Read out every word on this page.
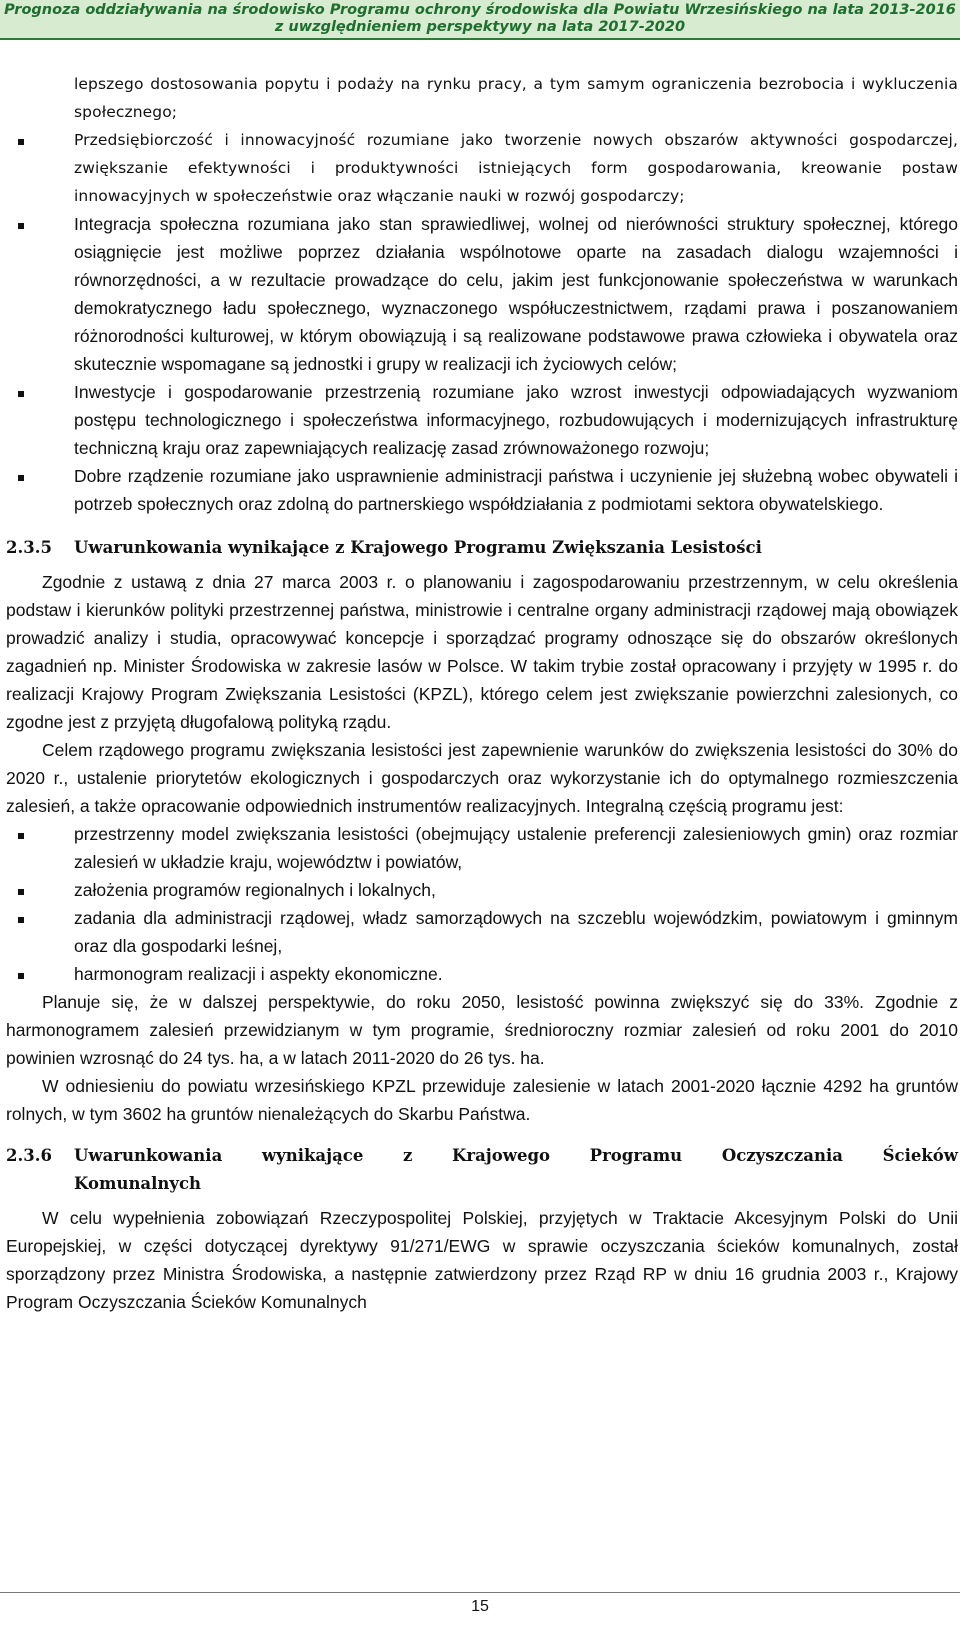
Prognoza oddziaływania na środowisko Programu ochrony środowiska dla Powiatu Wrzesińskiego na lata 2013-2016
z uwzględnieniem perspektywy na lata 2017-2020
lepszego dostosowania popytu i podaży na rynku pracy, a tym samym ograniczenia bezrobocia i wykluczenia społecznego;
Przedsiębiorczość i innowacyjność rozumiane jako tworzenie nowych obszarów aktywności gospodarczej, zwiększanie efektywności i produktywności istniejących form gospodarowania, kreowanie postaw innowacyjnych w społeczeństwie oraz włączanie nauki w rozwój gospodarczy;
Integracja społeczna rozumiana jako stan sprawiedliwej, wolnej od nierówności struktury społecznej, którego osiągnięcie jest możliwe poprzez działania wspólnotowe oparte na zasadach dialogu wzajemności i równorzędności, a w rezultacie prowadzące do celu, jakim jest funkcjonowanie społeczeństwa w warunkach demokratycznego ładu społecznego, wyznaczonego współuczestnictwem, rządami prawa i poszanowaniem różnorodności kulturowej, w którym obowiązują i są realizowane podstawowe prawa człowieka i obywatela oraz skutecznie wspomagane są jednostki i grupy w realizacji ich życiowych celów;
Inwestycje i gospodarowanie przestrzenią rozumiane jako wzrost inwestycji odpowiadających wyzwaniom postępu technologicznego i społeczeństwa informacyjnego, rozbudowujących i modernizujących infrastrukturę techniczną kraju oraz zapewniających realizację zasad zrównoważonego rozwoju;
Dobre rządzenie rozumiane jako usprawnienie administracji państwa i uczynienie jej służebną wobec obywateli i potrzeb społecznych oraz zdolną do partnerskiego współdziałania z podmiotami sektora obywatelskiego.
2.3.5 Uwarunkowania wynikające z Krajowego Programu Zwiększania Lesistości

Zgodnie z ustawą z dnia 27 marca 2003 r. o planowaniu i zagospodarowaniu przestrzennym, w celu określenia podstaw i kierunków polityki przestrzennej państwa, ministrowie i centralne organy administracji rządowej mają obowiązek prowadzić analizy i studia, opracowywać koncepcje i sporządzać programy odnoszące się do obszarów określonych zagadnień np. Minister Środowiska w zakresie lasów w Polsce. W takim trybie został opracowany i przyjęty w 1995 r. do realizacji Krajowy Program Zwiększania Lesistości (KPZL), którego celem jest zwiększanie powierzchni zalesionych, co zgodne jest z przyjętą długofalową polityką rządu.

Celem rządowego programu zwiększania lesistości jest zapewnienie warunków do zwiększenia lesistości do 30% do 2020 r., ustalenie priorytetów ekologicznych i gospodarczych oraz wykorzystanie ich do optymalnego rozmieszczenia zalesień, a także opracowanie odpowiednich instrumentów realizacyjnych. Integralną częścią programu jest:

przestrzenny model zwiększania lesistości (obejmujący ustalenie preferencji zalesieniowych gmin) oraz rozmiar zalesień w układzie kraju, województw i powiatów,
założenia programów regionalnych i lokalnych,
zadania dla administracji rządowej, władz samorządowych na szczeblu wojewódzkim, powiatowym i gminnym oraz dla gospodarki leśnej,
harmonogram realizacji i aspekty ekonomiczne.

Planuje się, że w dalszej perspektywie, do roku 2050, lesistość powinna zwiększyć się do 33%. Zgodnie z harmonogramem zalesień przewidzianym w tym programie, średnioroczny rozmiar zalesień od roku 2001 do 2010 powinien wzrosnąć do 24 tys. ha, a w latach 2011-2020 do 26 tys. ha.

W odniesieniu do powiatu wrzesińskiego KPZL przewiduje zalesienie w latach 2001-2020 łącznie 4292 ha gruntów rolnych, w tym 3602 ha gruntów nienależących do Skarbu Państwa.

2.3.6 Uwarunkowania wynikające z Krajowego Programu Oczyszczania Ścieków
Komunalnych

W celu wypełnienia zobowiązań Rzeczypospolitej Polskiej, przyjętych w Traktacie Akcesyjnym Polski do Unii Europejskiej, w części dotyczącej dyrektywy 91/271/EWG w sprawie oczyszczania ścieków komunalnych, został sporządzony przez Ministra Środowiska, a następnie zatwierdzony przez Rząd RP w dniu 16 grudnia 2003 r., Krajowy Program Oczyszczania Ścieków Komunalnych

15
